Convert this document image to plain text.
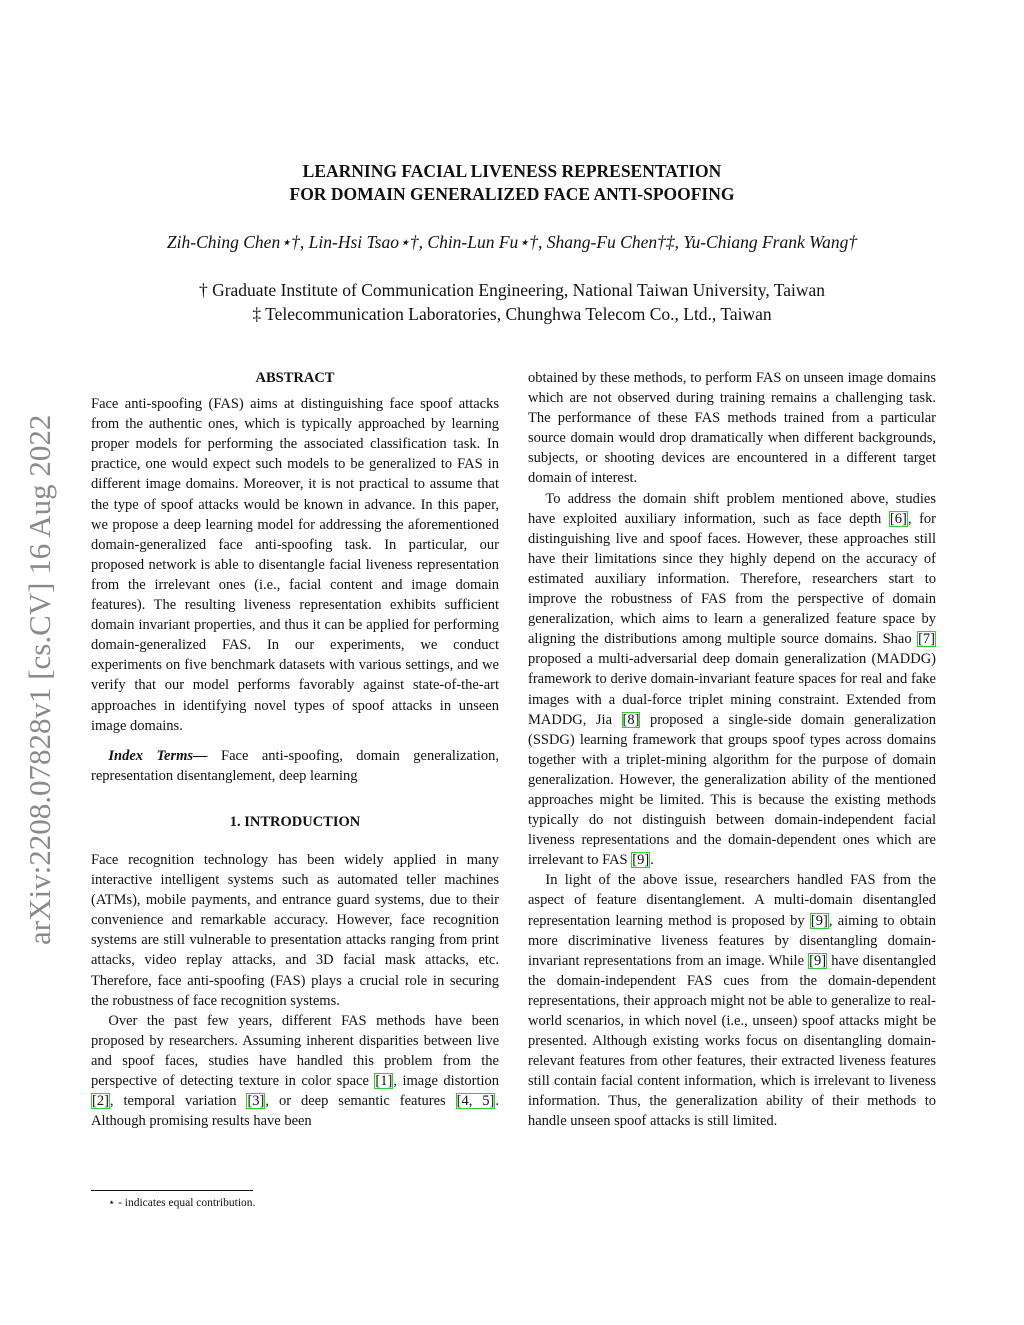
arXiv:2208.07828v1 [cs.CV] 16 Aug 2022
LEARNING FACIAL LIVENESS REPRESENTATION
FOR DOMAIN GENERALIZED FACE ANTI-SPOOFING
Zih-Ching Chen⋆†, Lin-Hsi Tsao⋆†, Chin-Lun Fu⋆†, Shang-Fu Chen†‡, Yu-Chiang Frank Wang†
† Graduate Institute of Communication Engineering, National Taiwan University, Taiwan
‡ Telecommunication Laboratories, Chunghwa Telecom Co., Ltd., Taiwan
ABSTRACT

Face anti-spoofing (FAS) aims at distinguishing face spoof attacks from the authentic ones, which is typically approached by learning proper models for performing the associated classification task. In practice, one would expect such models to be generalized to FAS in different image domains. Moreover, it is not practical to assume that the type of spoof attacks would be known in advance. In this paper, we propose a deep learning model for addressing the aforementioned domain-generalized face anti-spoofing task. In particular, our proposed network is able to disentangle facial liveness representation from the irrelevant ones (i.e., facial content and image domain features). The resulting liveness representation exhibits sufficient domain invariant properties, and thus it can be applied for performing domain-generalized FAS. In our experiments, we conduct experiments on five benchmark datasets with various settings, and we verify that our model performs favorably against state-of-the-art approaches in identifying novel types of spoof attacks in unseen image domains.

Index Terms— Face anti-spoofing, domain generalization, representation disentanglement, deep learning

1. INTRODUCTION

Face recognition technology has been widely applied in many interactive intelligent systems such as automated teller machines (ATMs), mobile payments, and entrance guard systems, due to their convenience and remarkable accuracy. However, face recognition systems are still vulnerable to presentation attacks ranging from print attacks, video replay attacks, and 3D facial mask attacks, etc. Therefore, face anti-spoofing (FAS) plays a crucial role in securing the robustness of face recognition systems.

Over the past few years, different FAS methods have been proposed by researchers. Assuming inherent disparities between live and spoof faces, studies have handled this problem from the perspective of detecting texture in color space [1], image distortion [2], temporal variation [3], or deep semantic features [4, 5]. Although promising results have been

obtained by these methods, to perform FAS on unseen image domains which are not observed during training remains a challenging task. The performance of these FAS methods trained from a particular source domain would drop dramatically when different backgrounds, subjects, or shooting devices are encountered in a different target domain of interest.

To address the domain shift problem mentioned above, studies have exploited auxiliary information, such as face depth [6], for distinguishing live and spoof faces. However, these approaches still have their limitations since they highly depend on the accuracy of estimated auxiliary information. Therefore, researchers start to improve the robustness of FAS from the perspective of domain generalization, which aims to learn a generalized feature space by aligning the distributions among multiple source domains. Shao [7] proposed a multi-adversarial deep domain generalization (MADDG) framework to derive domain-invariant feature spaces for real and fake images with a dual-force triplet mining constraint. Extended from MADDG, Jia [8] proposed a single-side domain generalization (SSDG) learning framework that groups spoof types across domains together with a triplet-mining algorithm for the purpose of domain generalization. However, the generalization ability of the mentioned approaches might be limited. This is because the existing methods typically do not distinguish between domain-independent facial liveness representations and the domain-dependent ones which are irrelevant to FAS [9].

In light of the above issue, researchers handled FAS from the aspect of feature disentanglement. A multi-domain disentangled representation learning method is proposed by [9], aiming to obtain more discriminative liveness features by disentangling domain-invariant representations from an image. While [9] have disentangled the domain-independent FAS cues from the domain-dependent representations, their approach might not be able to generalize to real-world scenarios, in which novel (i.e., unseen) spoof attacks might be presented. Although existing works focus on disentangling domain-relevant features from other features, their extracted liveness features still contain facial content information, which is irrelevant to liveness information. Thus, the generalization ability of their methods to handle unseen spoof attacks is still limited.

⋆ - indicates equal contribution.
